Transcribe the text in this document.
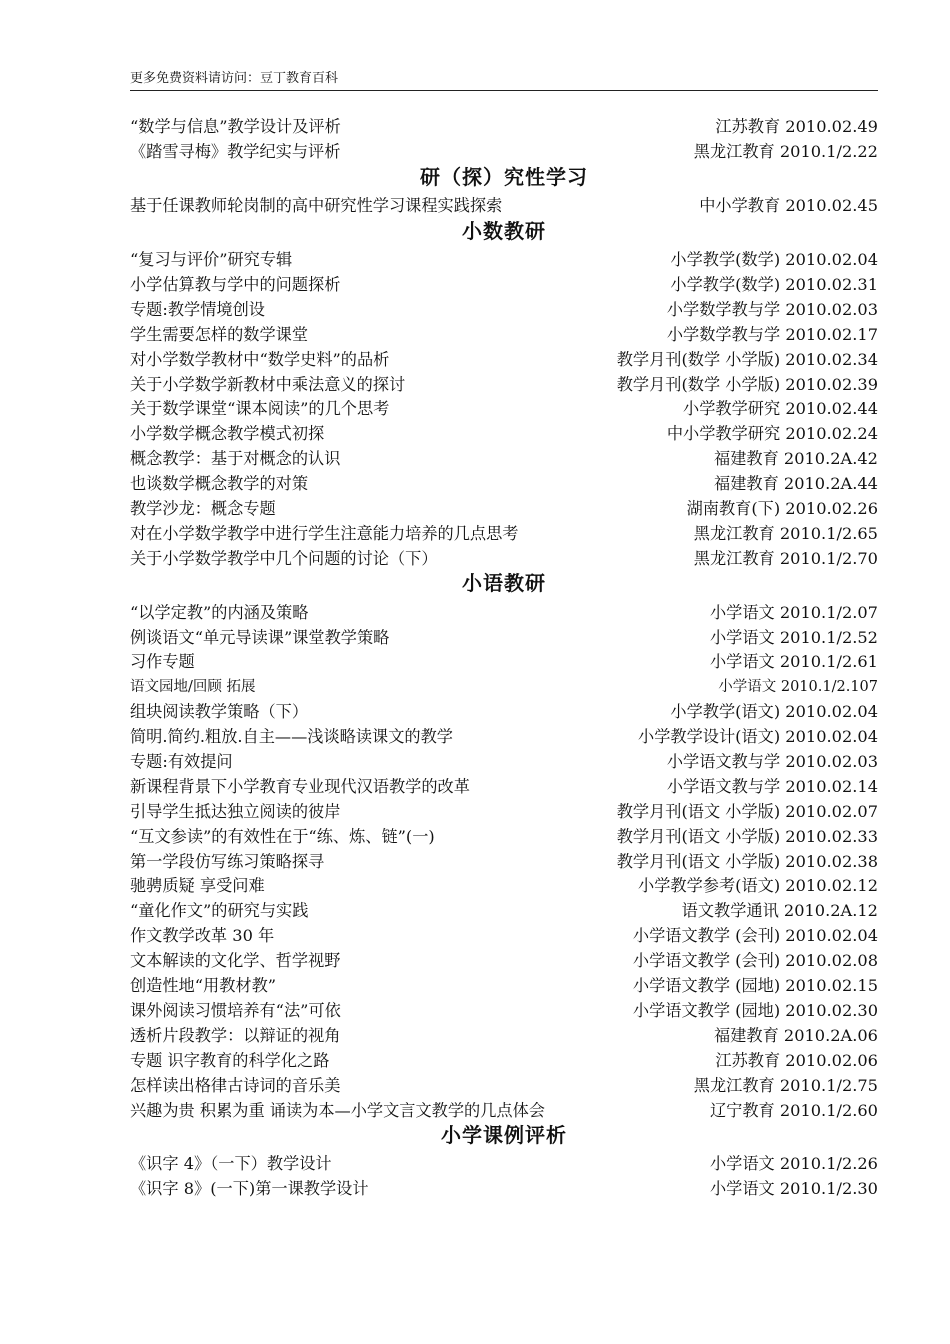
更多免费资料请访问：豆丁教育百科
“数学与信息”教学设计及评析	江苏教育 2010.02.49
《踏雪寻梅》教学纪实与评析	黑龙江教育 2010.1/2.22
研（探）究性学习
基于任课教师轮岗制的高中研究性学习课程实践探索	中小学教育 2010.02.45
小数教研
“复习与评价”研究专辑	小学教学(数学) 2010.02.04
小学估算教与学中的问题探析	小学教学(数学) 2010.02.31
专题:教学情境创设	小学数学教与学 2010.02.03
学生需要怎样的数学课堂	小学数学教与学 2010.02.17
对小学数学教材中“数学史料”的品析	教学月刊(数学 小学版) 2010.02.34
关于小学数学新教材中乘法意义的探讨	教学月刊(数学 小学版) 2010.02.39
关于数学课堂“课本阅读”的几个思考	小学教学研究 2010.02.44
小学数学概念教学模式初探	中小学教学研究 2010.02.24
概念教学：基于对概念的认识	福建教育 2010.2A.42
也谈数学概念教学的对策	福建教育 2010.2A.44
教学沙龙：概念专题	湖南教育(下) 2010.02.26
对在小学数学教学中进行学生注意能力培养的几点思考	黑龙江教育 2010.1/2.65
关于小学数学教学中几个问题的讨论（下）	黑龙江教育 2010.1/2.70
小语教研
“以学定教”的内涵及策略	小学语文 2010.1/2.07
例谈语文“单元导读课”课堂教学策略	小学语文 2010.1/2.52
习作专题	小学语文 2010.1/2.61
语文园地/回顾 拓展	小学语文 2010.1/2.107
组块阅读教学策略（下）	小学教学(语文) 2010.02.04
简明.简约.粗放.自主——浅谈略读课文的教学	小学教学设计(语文) 2010.02.04
专题:有效提问	小学语文教与学 2010.02.03
新课程背景下小学教育专业现代汉语教学的改革	小学语文教与学 2010.02.14
引导学生抵达独立阅读的彼岸	教学月刊(语文 小学版) 2010.02.07
“互文参读”的有效性在于“练、炼、链”(一)	教学月刊(语文 小学版) 2010.02.33
第一学段仿写练习策略探寻	教学月刊(语文 小学版) 2010.02.38
驰骋质疑 享受问难	小学教学参考(语文) 2010.02.12
“童化作文”的研究与实践	语文教学通讯 2010.2A.12
作文教学改革 30 年	小学语文教学 (会刊) 2010.02.04
文本解读的文化学、哲学视野	小学语文教学 (会刊) 2010.02.08
创造性地“用教材教”	小学语文教学 (园地) 2010.02.15
课外阅读习惯培养有“法”可依	小学语文教学 (园地) 2010.02.30
透析片段教学：以辩证的视角	福建教育 2010.2A.06
专题 识字教育的科学化之路	江苏教育 2010.02.06
怎样读出格律古诗词的音乐美	黑龙江教育 2010.1/2.75
兴趣为贵 积累为重 诵读为本—小学文言文教学的几点体会	辽宁教育 2010.1/2.60
小学课例评析
《识字 4》（一下）教学设计	小学语文 2010.1/2.26
《识字 8》(一下)第一课教学设计	小学语文 2010.1/2.30
